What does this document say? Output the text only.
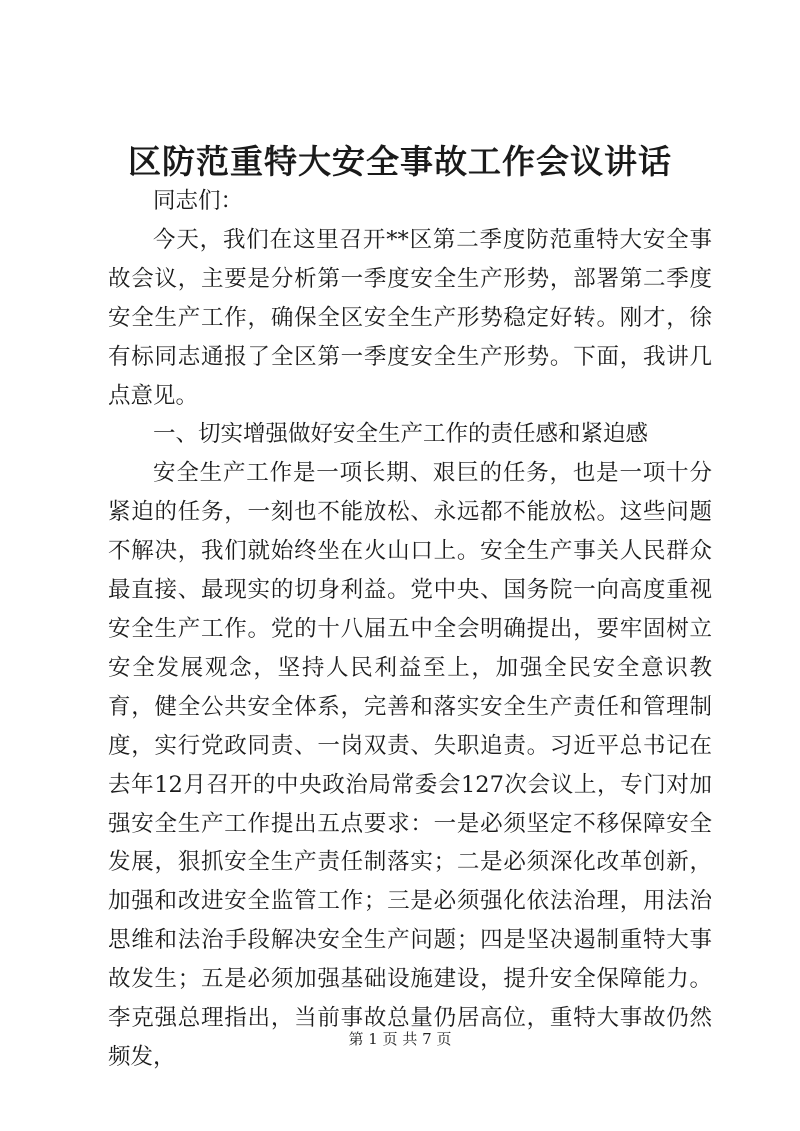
区防范重特大安全事故工作会议讲话

同志们：

今天，我们在这里召开**区第二季度防范重特大安全事故会议，主要是分析第一季度安全生产形势，部署第二季度安全生产工作，确保全区安全生产形势稳定好转。刚才，徐有标同志通报了全区第一季度安全生产形势。下面，我讲几点意见。

一、切实增强做好安全生产工作的责任感和紧迫感

安全生产工作是一项长期、艰巨的任务，也是一项十分紧迫的任务，一刻也不能放松、永远都不能放松。这些问题不解决，我们就始终坐在火山口上。安全生产事关人民群众最直接、最现实的切身利益。党中央、国务院一向高度重视安全生产工作。党的十八届五中全会明确提出，要牢固树立安全发展观念，坚持人民利益至上，加强全民安全意识教育，健全公共安全体系，完善和落实安全生产责任和管理制度，实行党政同责、一岗双责、失职追责。习近平总书记在去年12月召开的中央政治局常委会127次会议上，专门对加强安全生产工作提出五点要求：一是必须坚定不移保障安全发展，狠抓安全生产责任制落实；二是必须深化改革创新，加强和改进安全监管工作；三是必须强化依法治理，用法治思维和法治手段解决安全生产问题；四是坚决遏制重特大事故发生；五是必须加强基础设施建设，提升安全保障能力。李克强总理指出，当前事故总量仍居高位，重特大事故仍然频发，

第 1 页 共 7 页
